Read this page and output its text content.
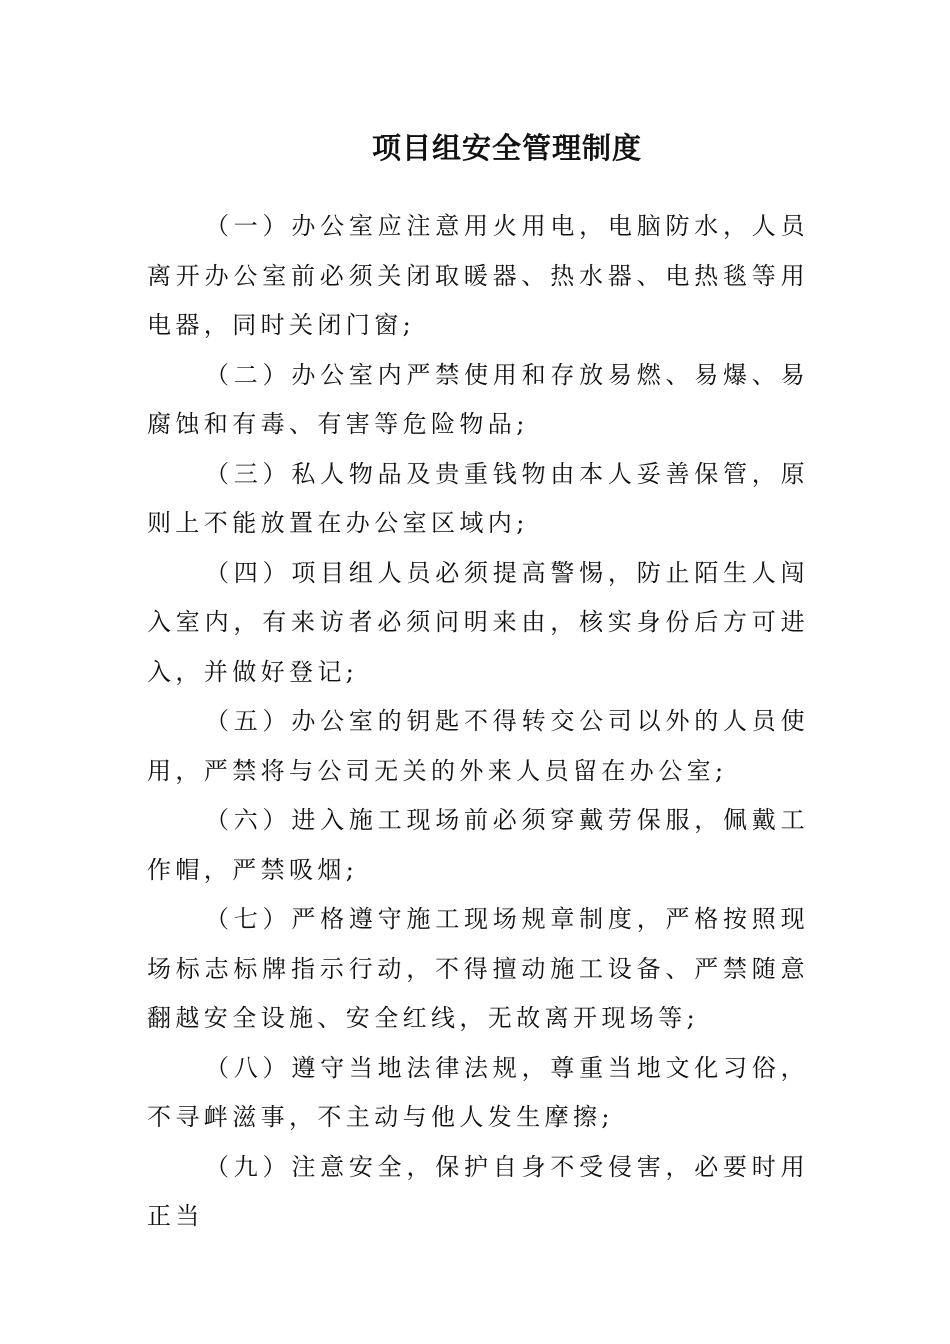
项目组安全管理制度

（一）办公室应注意用火用电，电脑防水，人员离开办公室前必须关闭取暖器、热水器、电热毯等用电器，同时关闭门窗;

（二）办公室内严禁使用和存放易燃、易爆、易腐蚀和有毒、有害等危险物品;

（三）私人物品及贵重钱物由本人妥善保管，原则上不能放置在办公室区域内;

（四）项目组人员必须提高警惕，防止陌生人闯入室内，有来访者必须问明来由，核实身份后方可进入，并做好登记;

（五）办公室的钥匙不得转交公司以外的人员使用，严禁将与公司无关的外来人员留在办公室;

（六）进入施工现场前必须穿戴劳保服，佩戴工作帽，严禁吸烟;

（七）严格遵守施工现场规章制度，严格按照现场标志标牌指示行动，不得擅动施工设备、严禁随意翻越安全设施、安全红线，无故离开现场等;

（八）遵守当地法律法规，尊重当地文化习俗，不寻衅滋事，不主动与他人发生摩擦;

（九）注意安全，保护自身不受侵害，必要时用正当
